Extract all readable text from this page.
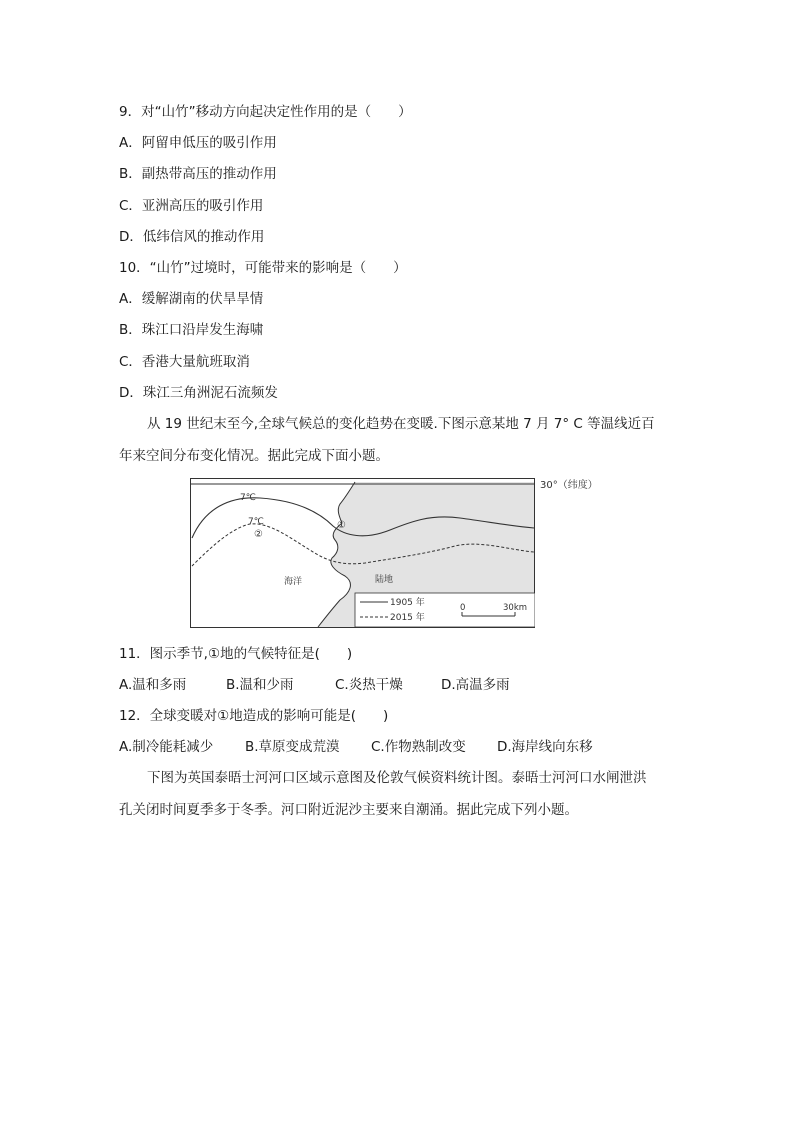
9．对“山竹”移动方向起决定性作用的是（　　）
A．阿留申低压的吸引作用
B．副热带高压的推动作用
C．亚洲高压的吸引作用
D．低纬信风的推动作用
10．“山竹”过境时，可能带来的影响是（　　）
A．缓解湖南的伏旱旱情
B．珠江口沿岸发生海啸
C．香港大量航班取消
D．珠江三角洲泥石流频发
从 19 世纪末至今,全球气候总的变化趋势在变暖.下图示意某地 7 月 7° C 等温线近百
年来空间分布变化情况。据此完成下面小题。
7℃
7℃
②
①
海洋	陆地
1905 年
2015 年
0	30km
30°（纬度）
11．图示季节,①地的气候特征是(　　)
A.温和多雨	B.温和少雨	C.炎热干燥	D.高温多雨
12．全球变暖对①地造成的影响可能是(　　)
A.制冷能耗减少 B.草原变成荒漠 C.作物熟制改变 D.海岸线向东移
下图为英国泰晤士河河口区域示意图及伦敦气候资料统计图。泰晤士河河口水闸泄洪
孔关闭时间夏季多于冬季。河口附近泥沙主要来自潮涌。据此完成下列小题。
